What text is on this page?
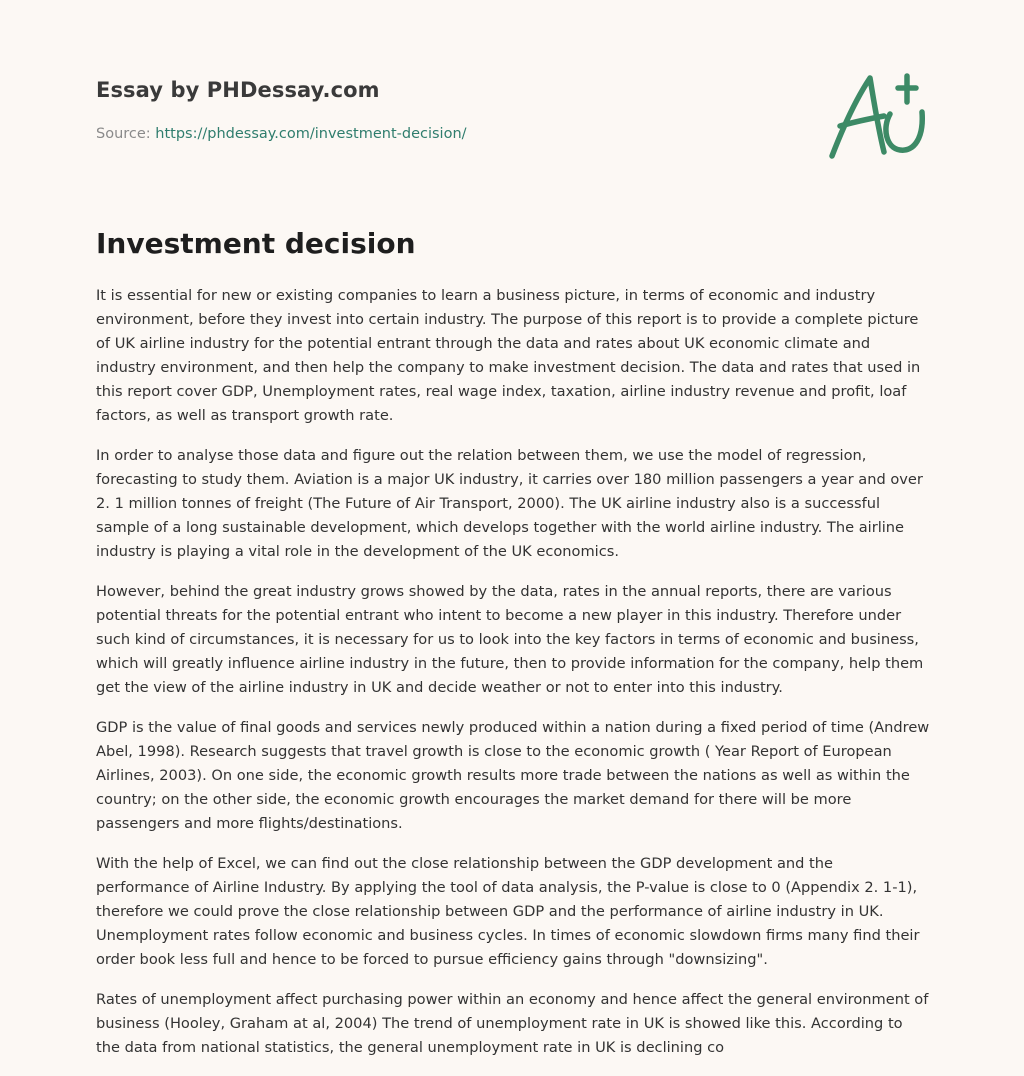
Essay by PHDessay.com
Source: https://phdessay.com/investment-decision/
Investment decision

It is essential for new or existing companies to learn a business picture, in terms of economic and industry environment, before they invest into certain industry. The purpose of this report is to provide a complete picture of UK airline industry for the potential entrant through the data and rates about UK economic climate and industry environment, and then help the company to make investment decision. The data and rates that used in this report cover GDP, Unemployment rates, real wage index, taxation, airline industry revenue and profit, loaf factors, as well as transport growth rate.

In order to analyse those data and figure out the relation between them, we use the model of regression, forecasting to study them. Aviation is a major UK industry, it carries over 180 million passengers a year and over 2. 1 million tonnes of freight (The Future of Air Transport, 2000). The UK airline industry also is a successful sample of a long sustainable development, which develops together with the world airline industry. The airline industry is playing a vital role in the development of the UK economics.

However, behind the great industry grows showed by the data, rates in the annual reports, there are various potential threats for the potential entrant who intent to become a new player in this industry. Therefore under such kind of circumstances, it is necessary for us to look into the key factors in terms of economic and business, which will greatly influence airline industry in the future, then to provide information for the company, help them get the view of the airline industry in UK and decide weather or not to enter into this industry.

GDP is the value of final goods and services newly produced within a nation during a fixed period of time (Andrew Abel, 1998). Research suggests that travel growth is close to the economic growth ( Year Report of European Airlines, 2003). On one side, the economic growth results more trade between the nations as well as within the country; on the other side, the economic growth encourages the market demand for there will be more passengers and more flights/destinations.

With the help of Excel, we can find out the close relationship between the GDP development and the performance of Airline Industry. By applying the tool of data analysis, the P-value is close to 0 (Appendix 2. 1-1), therefore we could prove the close relationship between GDP and the performance of airline industry in UK. Unemployment rates follow economic and business cycles. In times of economic slowdown firms many find their order book less full and hence to be forced to pursue efficiency gains through "downsizing".

Rates of unemployment affect purchasing power within an economy and hence affect the general environment of business (Hooley, Graham at al, 2004) The trend of unemployment rate in UK is showed like this. According to the data from national statistics, the general unemployment rate in UK is declining co
